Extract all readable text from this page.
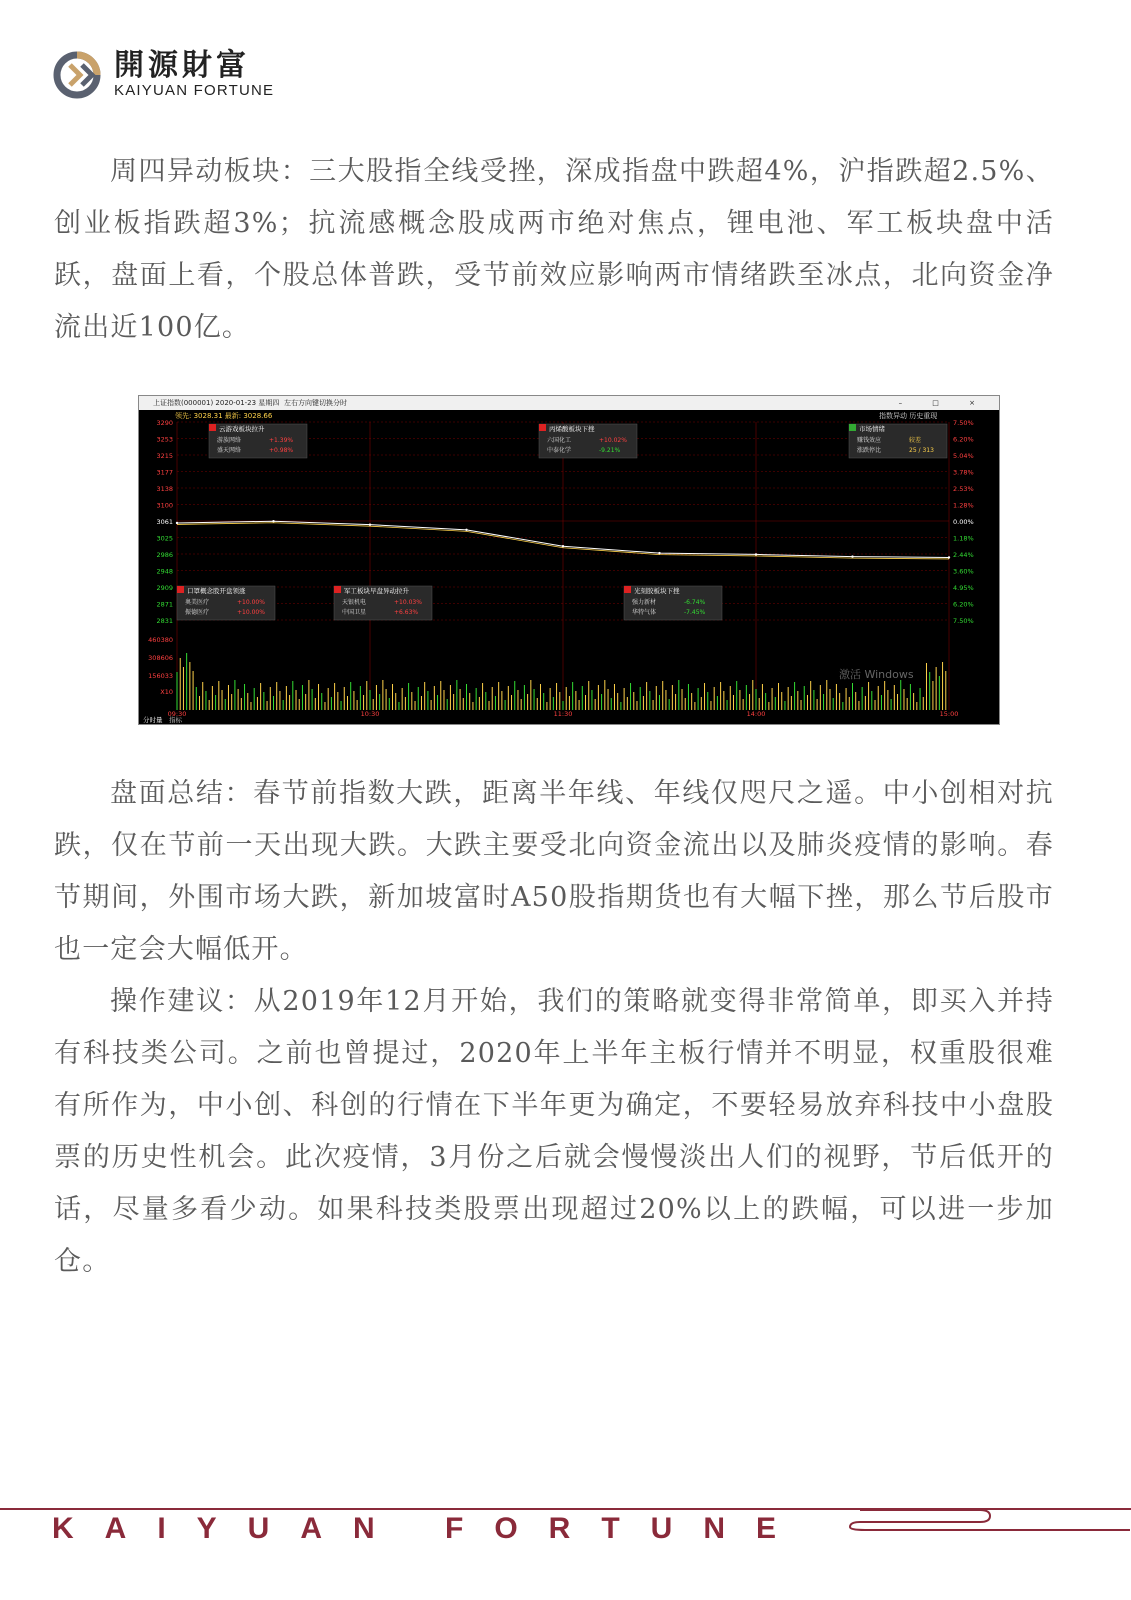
開源財富
KAIYUAN FORTUNE

周四异动板块：三大股指全线受挫，深成指盘中跌超4%，沪指跌超2.5%、创业板指跌超3%；抗流感概念股成两市绝对焦点，锂电池、军工板块盘中活跃，盘面上看，个股总体普跌，受节前效应影响两市情绪跌至冰点，北向资金净流出近100亿。

上证指数(000001) 2020-01-23 星期四 左右方向键切换分时	– □ ×
领先: 3028.31 最新: 3028.66	指数异动 历史重现
3290	7.50%
3253	6.20%
3215	5.04%
3177	3.78%
3138	2.53%
3100	1.28%
3061	0.00%
3025	1.18%
2986	2.44%
2948	3.60%
2909	4.95%
2871	6.20%
2831	7.50%
460380
308606
156033
X10
09:30	10:30	11:30	14:00	15:00
分时量 指标
激活 Windows
云游戏板块拉升
游族网络	+1.39%
盛天网络	+0.98%
丙烯酸板块下挫
六国化工	+10.02%
中泰化学	-9.21%
市场情绪
赚钱效应	较差
涨跌停比	25 / 313
口罩概念股开盘领涨
奥美医疗	+10.00%
振德医疗	+10.00%
军工板块早盘异动拉升
天银机电	+10.03%
中国卫星	+6.63%
光刻胶板块下挫
强力新材	-6.74%
华特气体	-7.45%

盘面总结：春节前指数大跌，距离半年线、年线仅咫尺之遥。中小创相对抗跌，仅在节前一天出现大跌。大跌主要受北向资金流出以及肺炎疫情的影响。春节期间，外围市场大跌，新加坡富时A50股指期货也有大幅下挫，那么节后股市也一定会大幅低开。

操作建议：从2019年12月开始，我们的策略就变得非常简单，即买入并持有科技类公司。之前也曾提过，2020年上半年主板行情并不明显，权重股很难有所作为，中小创、科创的行情在下半年更为确定，不要轻易放弃科技中小盘股票的历史性机会。此次疫情，3月份之后就会慢慢淡出人们的视野，节后低开的话，尽量多看少动。如果科技类股票出现超过20%以上的跌幅，可以进一步加仓。

KAIYUAN FORTUNE
